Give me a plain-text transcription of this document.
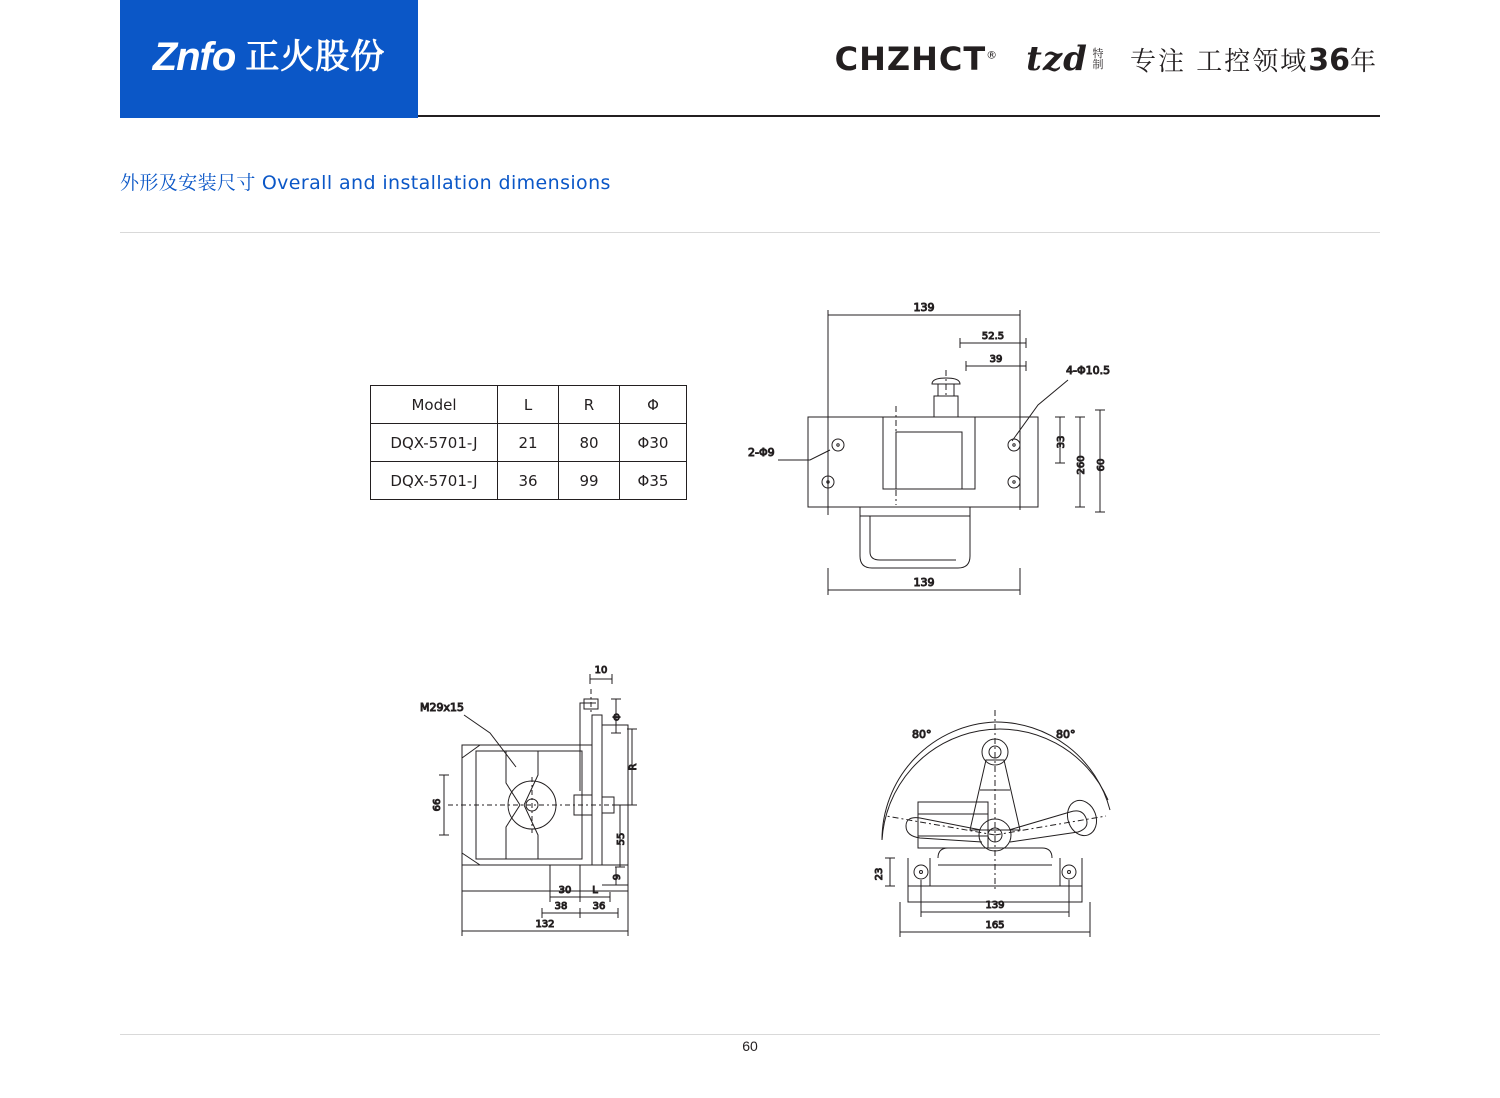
Znfo 正火股份	CHZHCT® tzd 特
制 专注 工控领域36年
外形及安装尺寸 Overall and installation dimensions
Model	L	R	Φ
DQX-5701-J	21	80	Φ30
DQX-5701-J	36	99	Φ35
139
52.5
39
2-Φ9
4-Φ10.5
33
260 60
139
10
Φ
R
M29x15
66
55
9
30 L
38	36
132
80°	80°
23
139
165
60
